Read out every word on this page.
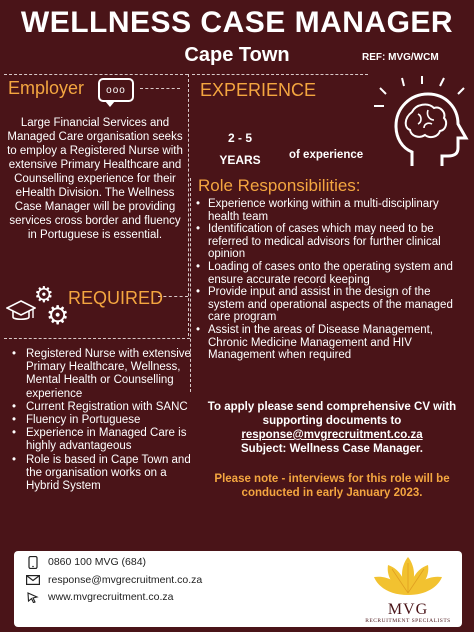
WELLNESS CASE MANAGER
Cape Town	REF: MVG/WCM
Employer	ooo
Large Financial Services and Managed Care organisation seeks to employ a Registered Nurse with extensive Primary Healthcare and Counselling experience for their eHealth Division. The Wellness Case Manager will be providing services cross border and fluency in Portuguese is essential.
⚙
⚙
REQUIRED
• Registered Nurse with extensive Primary Healthcare, Wellness, Mental Health or Counselling experience
• Current Registration with SANC
• Fluency in Portuguese
• Experience in Managed Care is highly advantageous
• Role is based in Cape Town and the organisation works on a Hybrid System
EXPERIENCE
2 - 5
YEARS	of experience
Role Responsibilities:
• Experience working within a multi-disciplinary health team
• Identification of cases which may need to be referred to medical advisors for further clinical opinion
• Loading of cases onto the operating system and ensure accurate record keeping
• Provide input and assist in the design of the system and operational aspects of the managed care program
• Assist in the areas of Disease Management, Chronic Medicine Management and HIV Management when required
To apply please send comprehensive CV with supporting documents to
response@mvgrecruitment.co.za
Subject: Wellness Case Manager.
Please note - interviews for this role will be conducted in early January 2023.
0860 100 MVG (684)
response@mvgrecruitment.co.za
www.mvgrecruitment.co.za
MVG
RECRUITMENT SPECIALISTS
